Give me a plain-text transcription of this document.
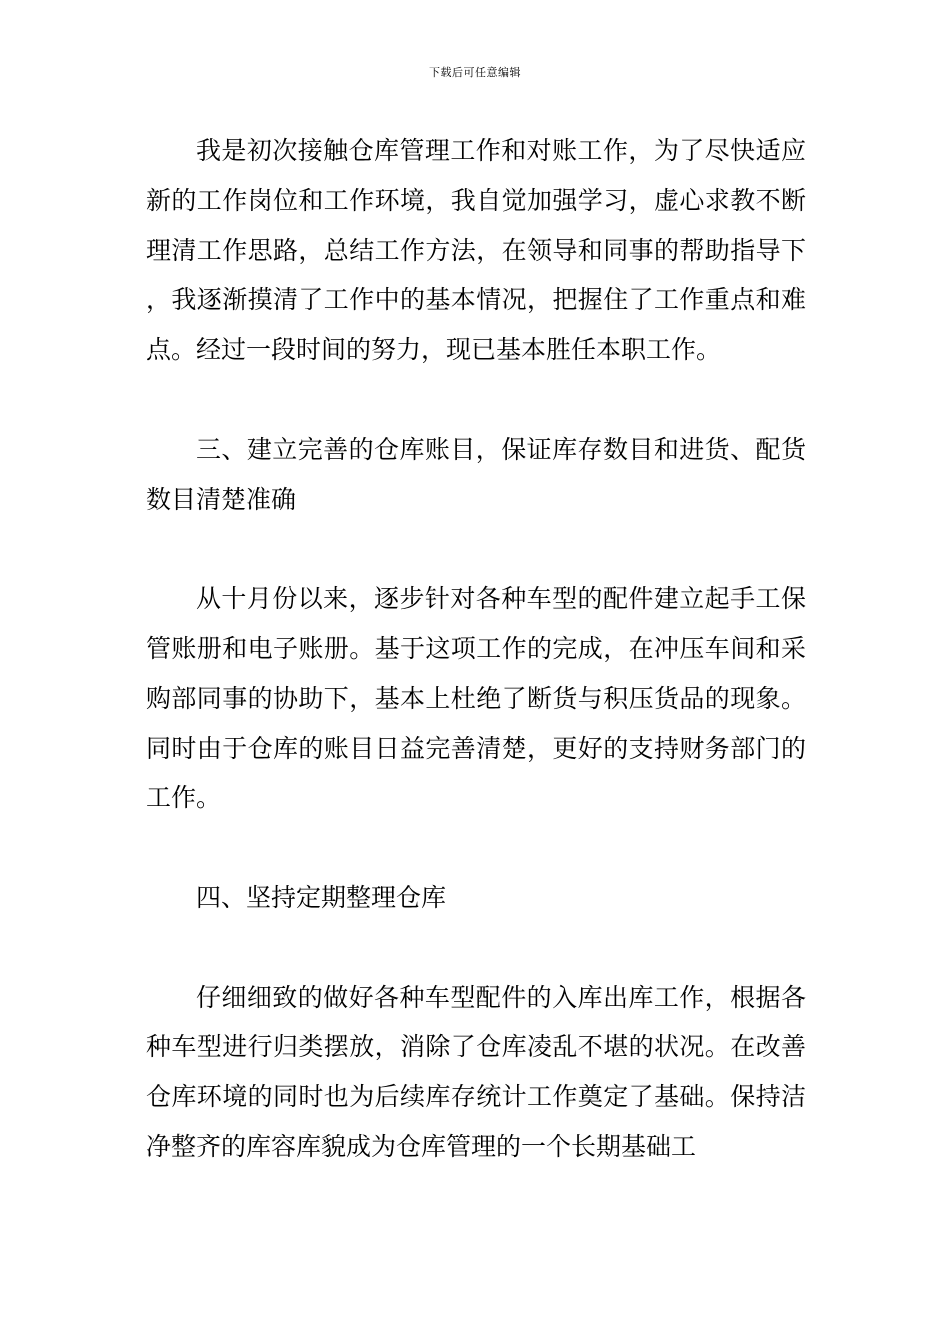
下载后可任意编辑

我是初次接触仓库管理工作和对账工作，为了尽快适应新的工作岗位和工作环境，我自觉加强学习，虚心求教不断理清工作思路，总结工作方法，在领导和同事的帮助指导下，我逐渐摸清了工作中的基本情况，把握住了工作重点和难点。经过一段时间的努力，现已基本胜任本职工作。

三、建立完善的仓库账目，保证库存数目和进货、配货数目清楚准确

从十月份以来，逐步针对各种车型的配件建立起手工保管账册和电子账册。基于这项工作的完成，在冲压车间和采购部同事的协助下，基本上杜绝了断货与积压货品的现象。同时由于仓库的账目日益完善清楚，更好的支持财务部门的工作。

四、坚持定期整理仓库

仔细细致的做好各种车型配件的入库出库工作，根据各种车型进行归类摆放，消除了仓库凌乱不堪的状况。在改善仓库环境的同时也为后续库存统计工作奠定了基础。保持洁净整齐的库容库貌成为仓库管理的一个长期基础工
